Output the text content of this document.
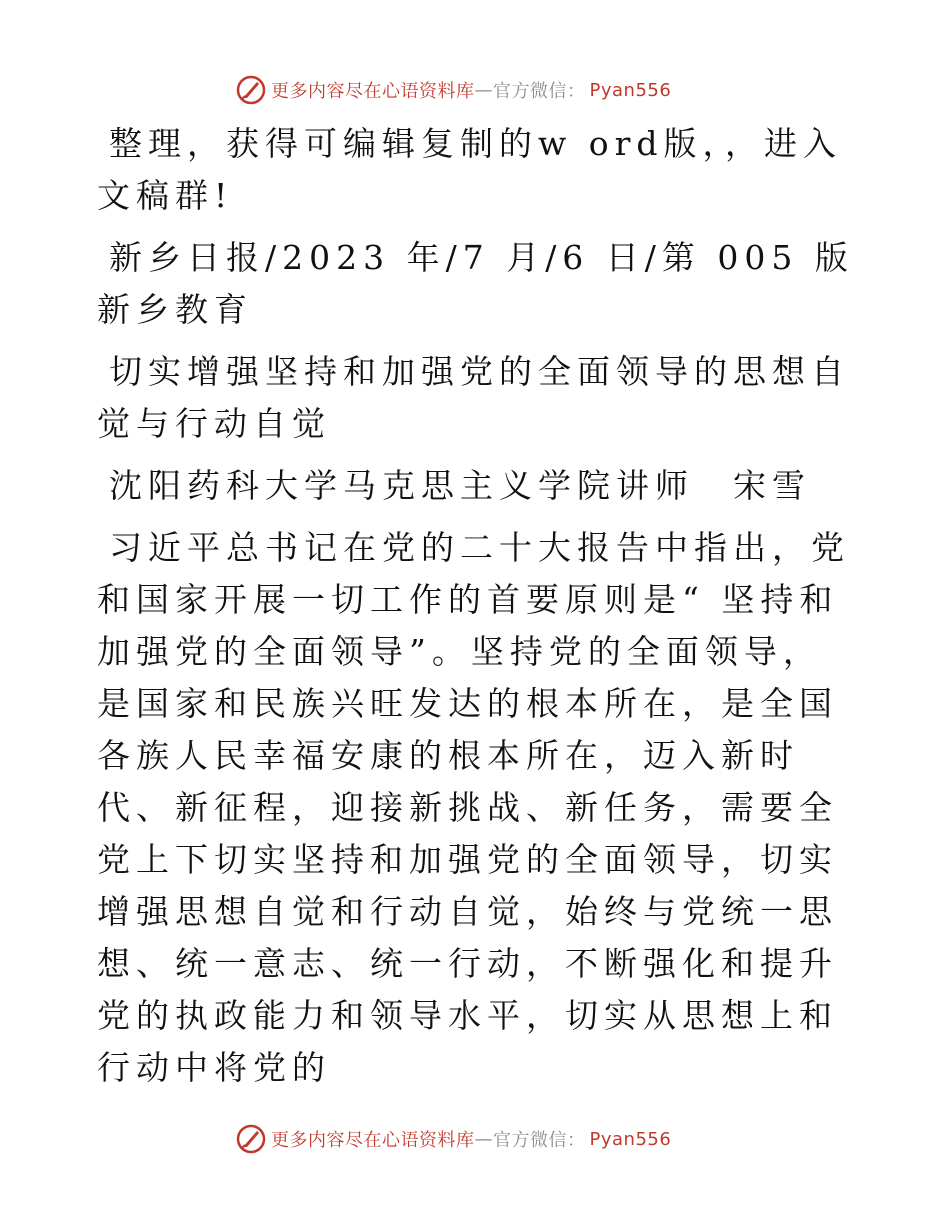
更多内容尽在心语资料库 — 官方微信： Pyan556

整理，获得可编辑复制的w ord版，，进入文稿群!

新乡日报/2023 年/7 月/6 日/第 005 版新乡教育

切实增强坚持和加强党的全面领导的思想自觉与行动自觉

沈阳药科大学马克思主义学院讲师　宋雪

习近平总书记在党的二十大报告中指出，党和国家开展一切工作的首要原则是“ 坚持和加强党的全面领导”。坚持党的全面领导，是国家和民族兴旺发达的根本所在，是全国各族人民幸福安康的根本所在，迈入新时代、新征程，迎接新挑战、新任务，需要全党上下切实坚持和加强党的全面领导，切实增强思想自觉和行动自觉，始终与党统一思想、统一意志、统一行动，不断强化和提升党的执政能力和领导水平，切实从思想上和行动中将党的

更多内容尽在心语资料库 — 官方微信： Pyan556
